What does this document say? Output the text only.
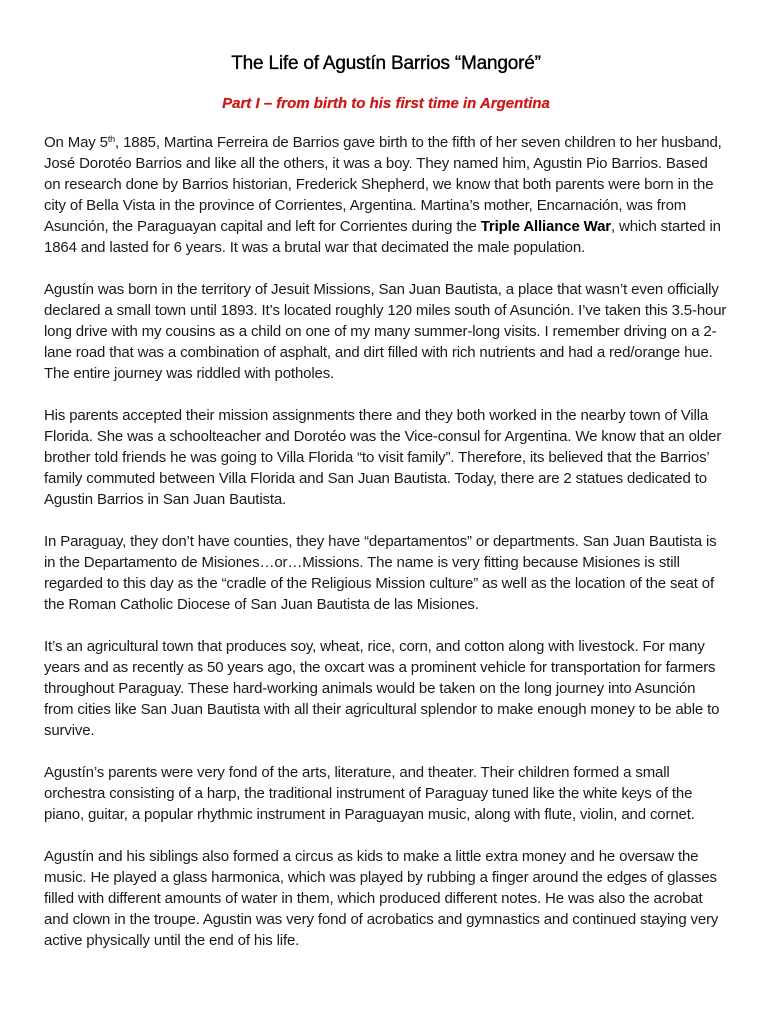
The Life of Agustín Barrios “Mangoré”
Part I – from birth to his first time in Argentina

On May 5th, 1885, Martina Ferreira de Barrios gave birth to the fifth of her seven children to her husband, José Dorotéo Barrios and like all the others, it was a boy. They named him, Agustin Pio Barrios. Based on research done by Barrios historian, Frederick Shepherd, we know that both parents were born in the city of Bella Vista in the province of Corrientes, Argentina. Martina’s mother, Encarnación, was from Asunción, the Paraguayan capital and left for Corrientes during the Triple Alliance War, which started in 1864 and lasted for 6 years. It was a brutal war that decimated the male population.

Agustín was born in the territory of Jesuit Missions, San Juan Bautista, a place that wasn’t even officially declared a small town until 1893. It’s located roughly 120 miles south of Asunción. I’ve taken this 3.5-hour long drive with my cousins as a child on one of my many summer-long visits. I remember driving on a 2-lane road that was a combination of asphalt, and dirt filled with rich nutrients and had a red/orange hue. The entire journey was riddled with potholes.

His parents accepted their mission assignments there and they both worked in the nearby town of Villa Florida. She was a schoolteacher and Dorotéo was the Vice-consul for Argentina. We know that an older brother told friends he was going to Villa Florida “to visit family”. Therefore, its believed that the Barrios’ family commuted between Villa Florida and San Juan Bautista. Today, there are 2 statues dedicated to Agustin Barrios in San Juan Bautista.

In Paraguay, they don’t have counties, they have “departamentos” or departments. San Juan Bautista is in the Departamento de Misiones…or…Missions. The name is very fitting because Misiones is still regarded to this day as the “cradle of the Religious Mission culture” as well as the location of the seat of the Roman Catholic Diocese of San Juan Bautista de las Misiones.

It’s an agricultural town that produces soy, wheat, rice, corn, and cotton along with livestock. For many years and as recently as 50 years ago, the oxcart was a prominent vehicle for transportation for farmers throughout Paraguay. These hard-working animals would be taken on the long journey into Asunción from cities like San Juan Bautista with all their agricultural splendor to make enough money to be able to survive.

Agustín’s parents were very fond of the arts, literature, and theater. Their children formed a small orchestra consisting of a harp, the traditional instrument of Paraguay tuned like the white keys of the piano, guitar, a popular rhythmic instrument in Paraguayan music, along with flute, violin, and cornet.

Agustín and his siblings also formed a circus as kids to make a little extra money and he oversaw the music. He played a glass harmonica, which was played by rubbing a finger around the edges of glasses filled with different amounts of water in them, which produced different notes. He was also the acrobat and clown in the troupe. Agustin was very fond of acrobatics and gymnastics and continued staying very active physically until the end of his life.
